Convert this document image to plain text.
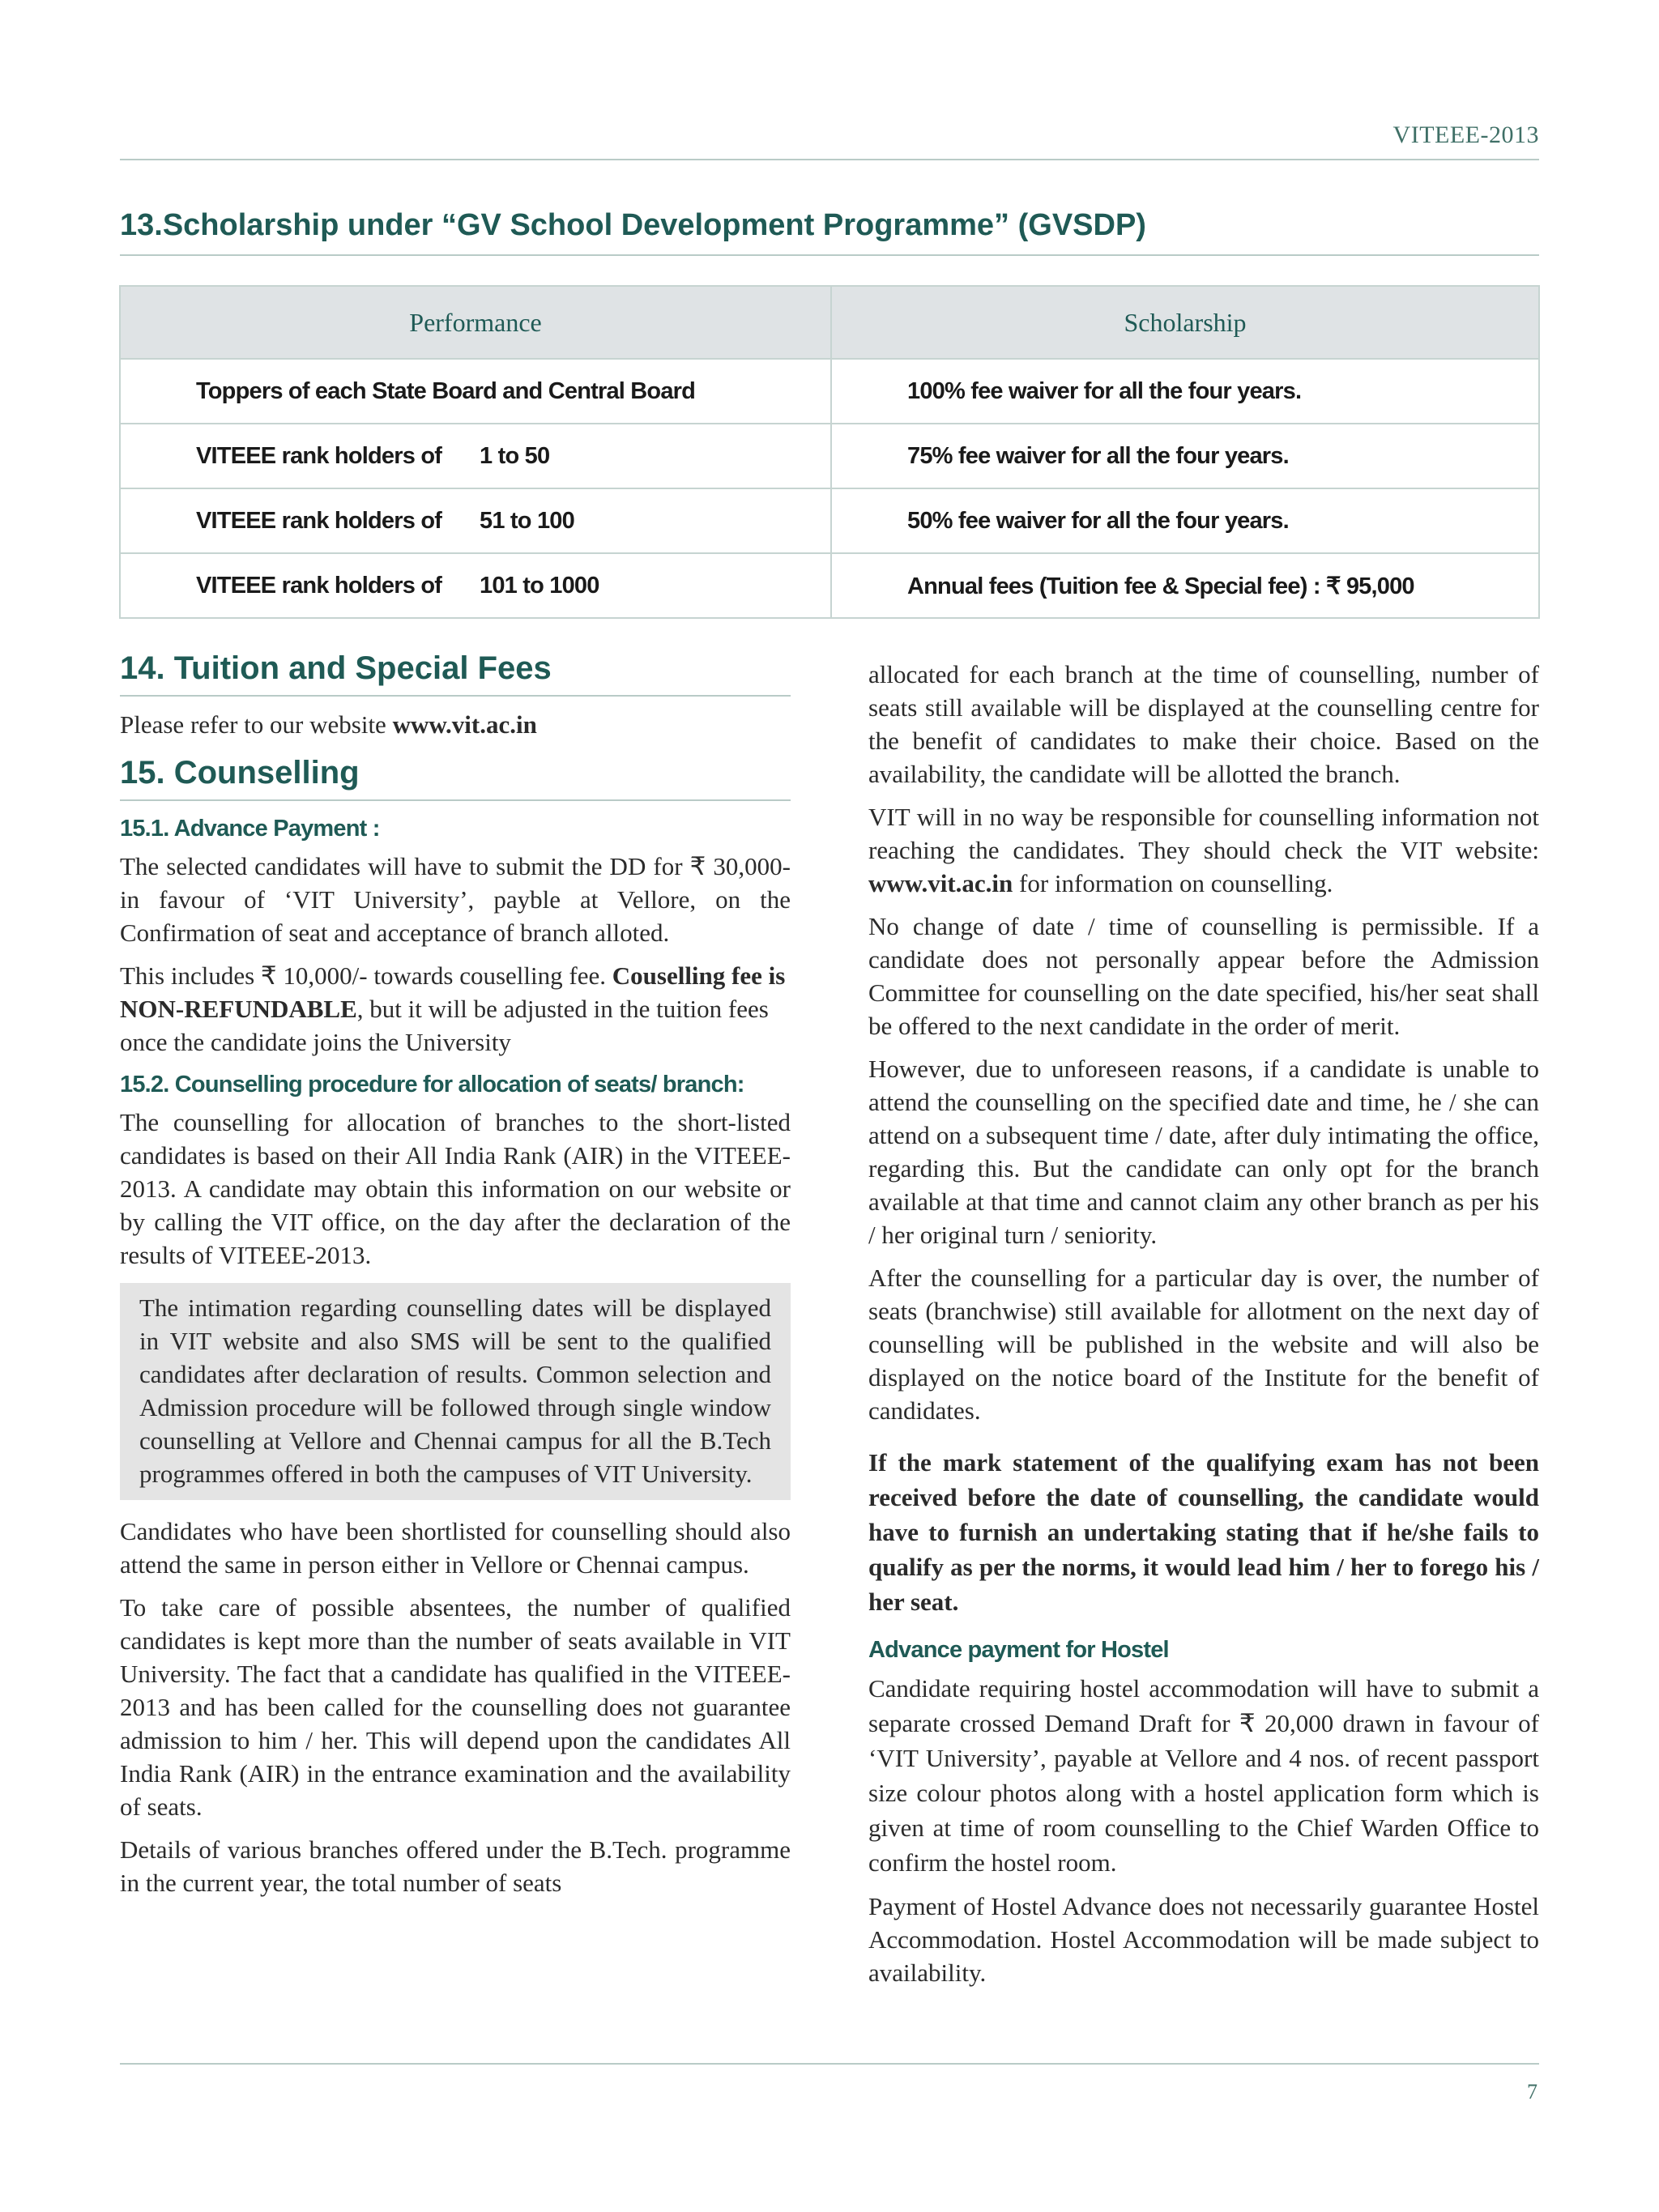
VITEEE-2013
13.Scholarship under “GV School Development Programme” (GVSDP)
Performance	Scholarship
Toppers of each State Board and Central Board	100% fee waiver for all the four years.
VITEEE rank holders of 1 to 50	75% fee waiver for all the four years.
VITEEE rank holders of 51 to 100	50% fee waiver for all the four years.
VITEEE rank holders of 101 to 1000	Annual fees (Tuition fee & Special fee) : ₹ 95,000
14. Tuition and Special Fees

Please refer to our website www.vit.ac.in

15. Counselling
15.1. Advance Payment :

The selected candidates will have to submit the DD for ₹ 30,000- in favour of ‘VIT University’, payble at Vellore, on the Confirmation of seat and acceptance of branch alloted.

This includes ₹ 10,000/- towards couselling fee. Couselling fee is NON-REFUNDABLE, but it will be adjusted in the tuition fees once the candidate joins the University

15.2. Counselling procedure for allocation of seats/ branch:

The counselling for allocation of branches to the short-listed candidates is based on their All India Rank (AIR) in the VITEEE-2013. A candidate may obtain this information on our website or by calling the VIT office, on the day after the declaration of the results of VITEEE-2013.

The intimation regarding counselling dates will be displayed in VIT website and also SMS will be sent to the qualified candidates after declaration of results. Common selection and Admission procedure will be followed through single window counselling at Vellore and Chennai campus for all the B.Tech programmes offered in both the campuses of VIT University.

Candidates who have been shortlisted for counselling should also attend the same in person either in Vellore or Chennai campus.

To take care of possible absentees, the number of qualified candidates is kept more than the number of seats available in VIT University. The fact that a candidate has qualified in the VITEEE-2013 and has been called for the counselling does not guarantee admission to him / her. This will depend upon the candidates All India Rank (AIR) in the entrance examination and the availability of seats.

Details of various branches offered under the B.Tech. programme in the current year, the total number of seats

allocated for each branch at the time of counselling, number of seats still available will be displayed at the counselling centre for the benefit of candidates to make their choice. Based on the availability, the candidate will be allotted the branch.

VIT will in no way be responsible for counselling information not reaching the candidates. They should check the VIT website: www.vit.ac.in for information on counselling.

No change of date / time of counselling is permissible. If a candidate does not personally appear before the Admission Committee for counselling on the date specified, his/her seat shall be offered to the next candidate in the order of merit.

However, due to unforeseen reasons, if a candidate is unable to attend the counselling on the specified date and time, he / she can attend on a subsequent time / date, after duly intimating the office, regarding this. But the candidate can only opt for the branch available at that time and cannot claim any other branch as per his / her original turn / seniority.

After the counselling for a particular day is over, the number of seats (branchwise) still available for allotment on the next day of counselling will be published in the website and will also be displayed on the notice board of the Institute for the benefit of candidates.

If the mark statement of the qualifying exam has not been received before the date of counselling, the candidate would have to furnish an undertaking stating that if he/she fails to qualify as per the norms, it would lead him / her to forego his / her seat.

Advance payment for Hostel

Candidate requiring hostel accommodation will have to submit a separate crossed Demand Draft for ₹ 20,000 drawn in favour of ‘VIT University’, payable at Vellore and 4 nos. of recent passport size colour photos along with a hostel application form which is given at time of room counselling to the Chief Warden Office to confirm the hostel room.

Payment of Hostel Advance does not necessarily guarantee Hostel Accommodation. Hostel Accommodation will be made subject to availability.

7
